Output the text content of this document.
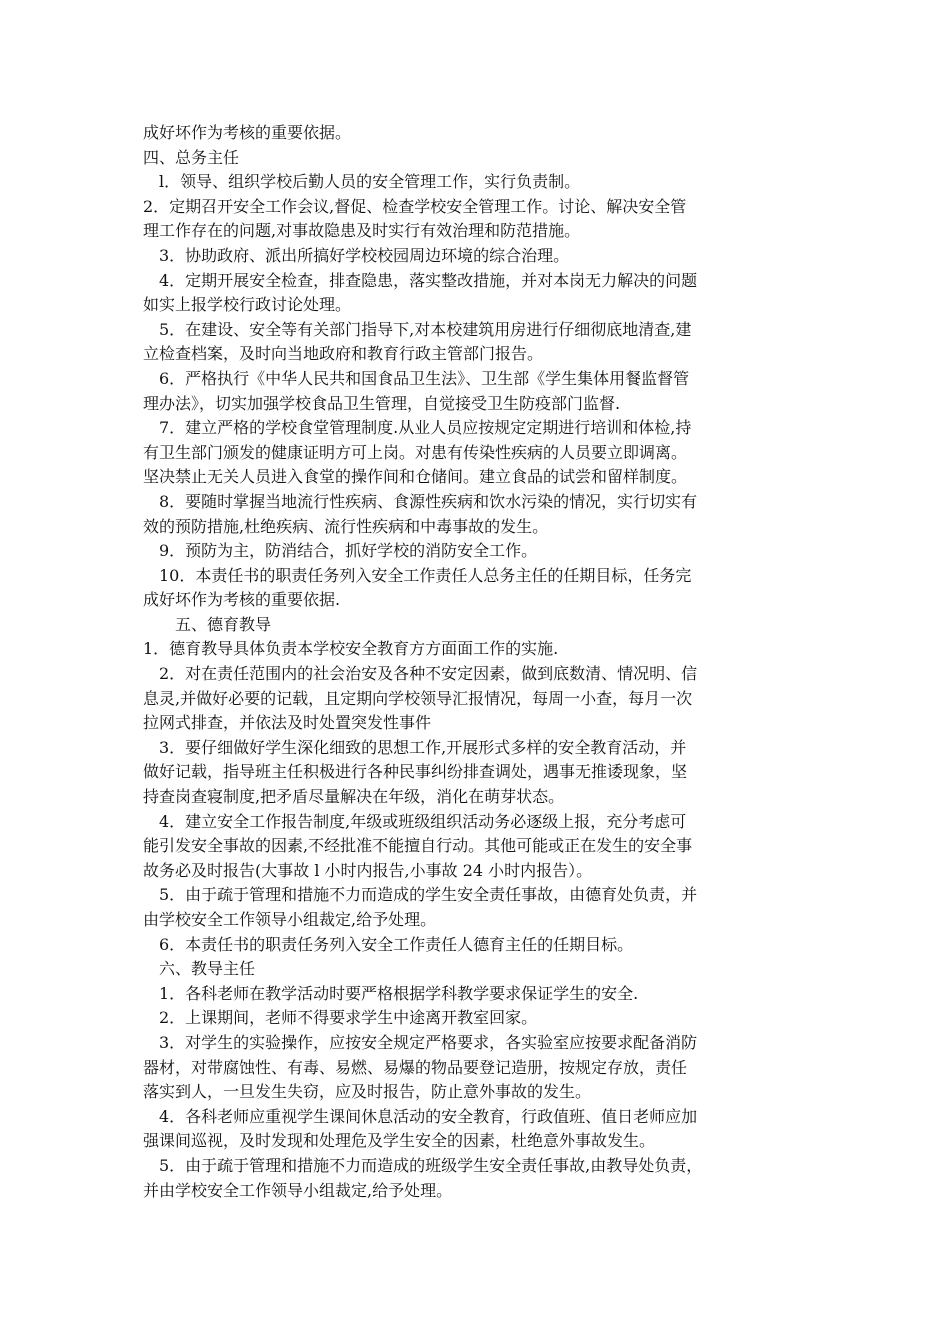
成好坏作为考核的重要依据。
四、总务主任
　l．领导、组织学校后勤人员的安全管理工作，实行负责制。
2．定期召开安全工作会议,督促、检查学校安全管理工作。讨论、解决安全管
理工作存在的问题,对事故隐患及时实行有效治理和防范措施。
　3．协助政府、派出所搞好学校校园周边环境的综合治理。
　4．定期开展安全检查，排查隐患，落实整改措施，并对本岗无力解决的问题
如实上报学校行政讨论处理。
　5．在建设、安全等有关部门指导下,对本校建筑用房进行仔细彻底地清查,建
立检查档案，及时向当地政府和教育行政主管部门报告。
　6．严格执行《中华人民共和国食品卫生法》、卫生部《学生集体用餐监督管
理办法》，切实加强学校食品卫生管理，自觉接受卫生防疫部门监督.
　7．建立严格的学校食堂管理制度.从业人员应按规定定期进行培训和体检,持
有卫生部门颁发的健康证明方可上岗。对患有传染性疾病的人员要立即调离。
坚决禁止无关人员进入食堂的操作间和仓储间。建立食品的试尝和留样制度。
　8．要随时掌握当地流行性疾病、食源性疾病和饮水污染的情况，实行切实有
效的预防措施,杜绝疾病、流行性疾病和中毒事故的发生。
　9．预防为主，防消结合，抓好学校的消防安全工作。
　10．本责任书的职责任务列入安全工作责任人总务主任的任期目标，任务完
成好坏作为考核的重要依据.
　　五、德育教导
1．德育教导具体负责本学校安全教育方方面面工作的实施.
　2．对在责任范围内的社会治安及各种不安定因素，做到底数清、情况明、信
息灵,并做好必要的记载，且定期向学校领导汇报情况，每周一小查，每月一次
拉网式排查，并依法及时处置突发性事件
　3．要仔细做好学生深化细致的思想工作,开展形式多样的安全教育活动，并
做好记载，指导班主任积极进行各种民事纠纷排查调处，遇事无推诿现象，坚
持查岗查寝制度,把矛盾尽量解决在年级，消化在萌芽状态。
　4．建立安全工作报告制度,年级或班级组织活动务必逐级上报，充分考虑可
能引发安全事故的因素,不经批准不能擅自行动。其他可能或正在发生的安全事
故务必及时报告(大事故 l 小时内报告,小事故 24 小时内报告）。
　5．由于疏于管理和措施不力而造成的学生安全责任事故，由德育处负责，并
由学校安全工作领导小组裁定,给予处理。
　6．本责任书的职责任务列入安全工作责任人德育主任的任期目标。
　六、教导主任
　1．各科老师在教学活动时要严格根据学科教学要求保证学生的安全.
　2．上课期间，老师不得要求学生中途离开教室回家。
　3．对学生的实验操作，应按安全规定严格要求，各实验室应按要求配备消防
器材，对带腐蚀性、有毒、易燃、易爆的物品要登记造册，按规定存放，责任
落实到人，一旦发生失窃，应及时报告，防止意外事故的发生。
　4．各科老师应重视学生课间休息活动的安全教育，行政值班、值日老师应加
强课间巡视，及时发现和处理危及学生安全的因素，杜绝意外事故发生。
　5．由于疏于管理和措施不力而造成的班级学生安全责任事故,由教导处负责，
并由学校安全工作领导小组裁定,给予处理。
